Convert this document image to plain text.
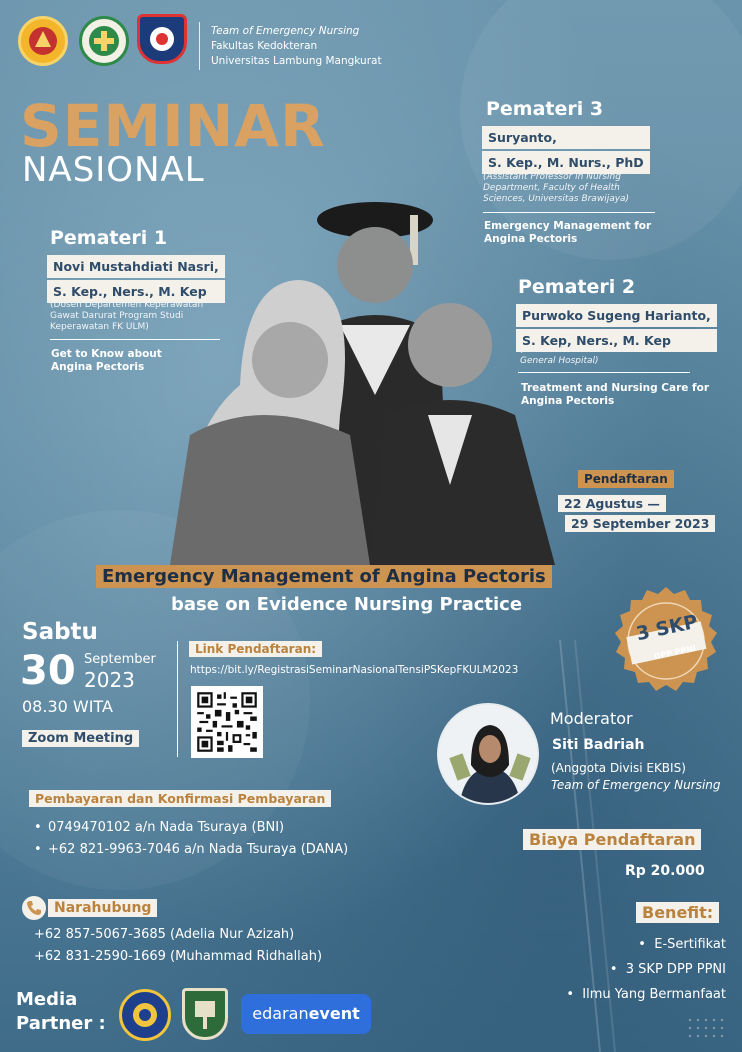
Team of Emergency Nursing
Fakultas Kedokteran
Universitas Lambung Mangkurat
SEMINAR
NASIONAL
Pemateri 3
Suryanto,
S. Kep., M. Nurs., PhD
(Assistant Professor in Nursing Department, Faculty of Health Sciences, Universitas Brawijaya)
Emergency Management for Angina Pectoris
Pemateri 1
Novi Mustahdiati Nasri,
S. Kep., Ners., M. Kep
(Dosen Departemen Keperawatan Gawat Darurat Program Studi Keperawatan FK ULM)
Get to Know about Angina Pectoris
Pemateri 2
Purwoko Sugeng Harianto,
S. Kep, Ners., M. Kep
(Nurse Clinician at Saiful Anwar General Hospital)
Treatment and Nursing Care for Angina Pectoris
Pendaftaran
22 Agustus —
29 September 2023
Emergency Management of Angina Pectoris
base on Evidence Nursing Practice
3 SKP
DPP PPNI
Sabtu
30 September
2023
08.30 WITA
Zoom Meeting
Link Pendaftaran:
https://bit.ly/RegistrasiSeminarNasionalTensiPSKepFKULM2023
Moderator
Siti Badriah
(Anggota Divisi EKBIS)
Team of Emergency Nursing
Pembayaran dan Konfirmasi Pembayaran
• 0749470102 a/n Nada Tsuraya (BNI)
• +62 821-9963-7046 a/n Nada Tsuraya (DANA)
Biaya Pendaftaran
Rp 20.000
Narahubung
+62 857-5067-3685 (Adelia Nur Azizah)
+62 831-2590-1669 (Muhammad Ridhallah)
Benefit:
•  E-Sertifikat
•  3 SKP DPP PPNI
•  Ilmu Yang Bermanfaat
Media
Partner :	edaranevent
